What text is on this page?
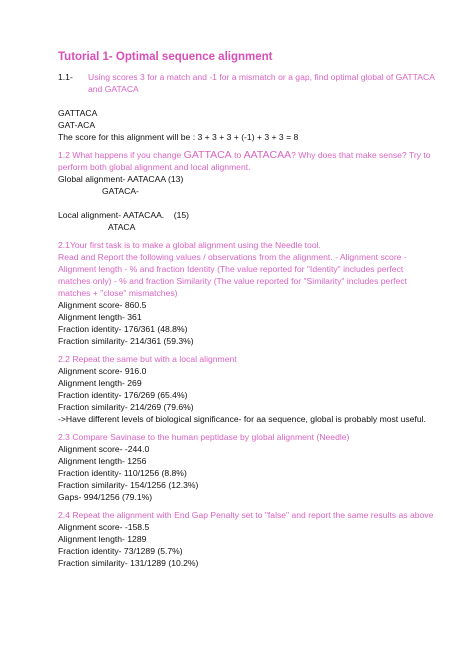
Tutorial 1- Optimal sequence alignment
1.1-	Using scores 3 for a match and -1 for a mismatch or a gap, find optimal global of GATTACA and GATACA
GATTACA
GAT-ACA
The score for this alignment will be : 3 + 3 + 3 + (-1) + 3 + 3 = 8
1.2 What happens if you change GATTACA to AATACAA? Why does that make sense? Try to perform both global alignment and local alignment.
Global alignment- AATACAA (13)
GATACA-
Local alignment- AATACAA.    (15)
ATACA
2.1Your first task is to make a global alignment using the Needle tool.
Read and Report the following values / observations from the alignment. - Alignment score - Alignment length - % and fraction Identity (The value reported for "Identity" includes perfect matches only) - % and fraction Similarity (The value reported for "Similarity" includes perfect matches + "close" mismatches)
Alignment score- 860.5
Alignment length- 361
Fraction identity- 176/361 (48.8%)
Fraction similarity- 214/361 (59.3%)
2.2 Repeat the same but with a local alignment
Alignment score- 916.0
Alignment length- 269
Fraction identity- 176/269 (65.4%)
Fraction similarity- 214/269 (79.6%)
->Have different levels of biological significance- for aa sequence, global is probably most useful.
2.3 Compare Savinase to the human peptidase by global alignment (Needle)
Alignment score- -244.0
Alignment length- 1256
Fraction identity- 110/1256 (8.8%)
Fraction similarity- 154/1256 (12.3%)
Gaps- 994/1256 (79.1%)
2.4 Repeat the alignment with End Gap Penalty set to "false" and report the same results as above
Alignment score- -158.5
Alignment length- 1289
Fraction identity- 73/1289 (5.7%)
Fraction similarity- 131/1289 (10.2%)
